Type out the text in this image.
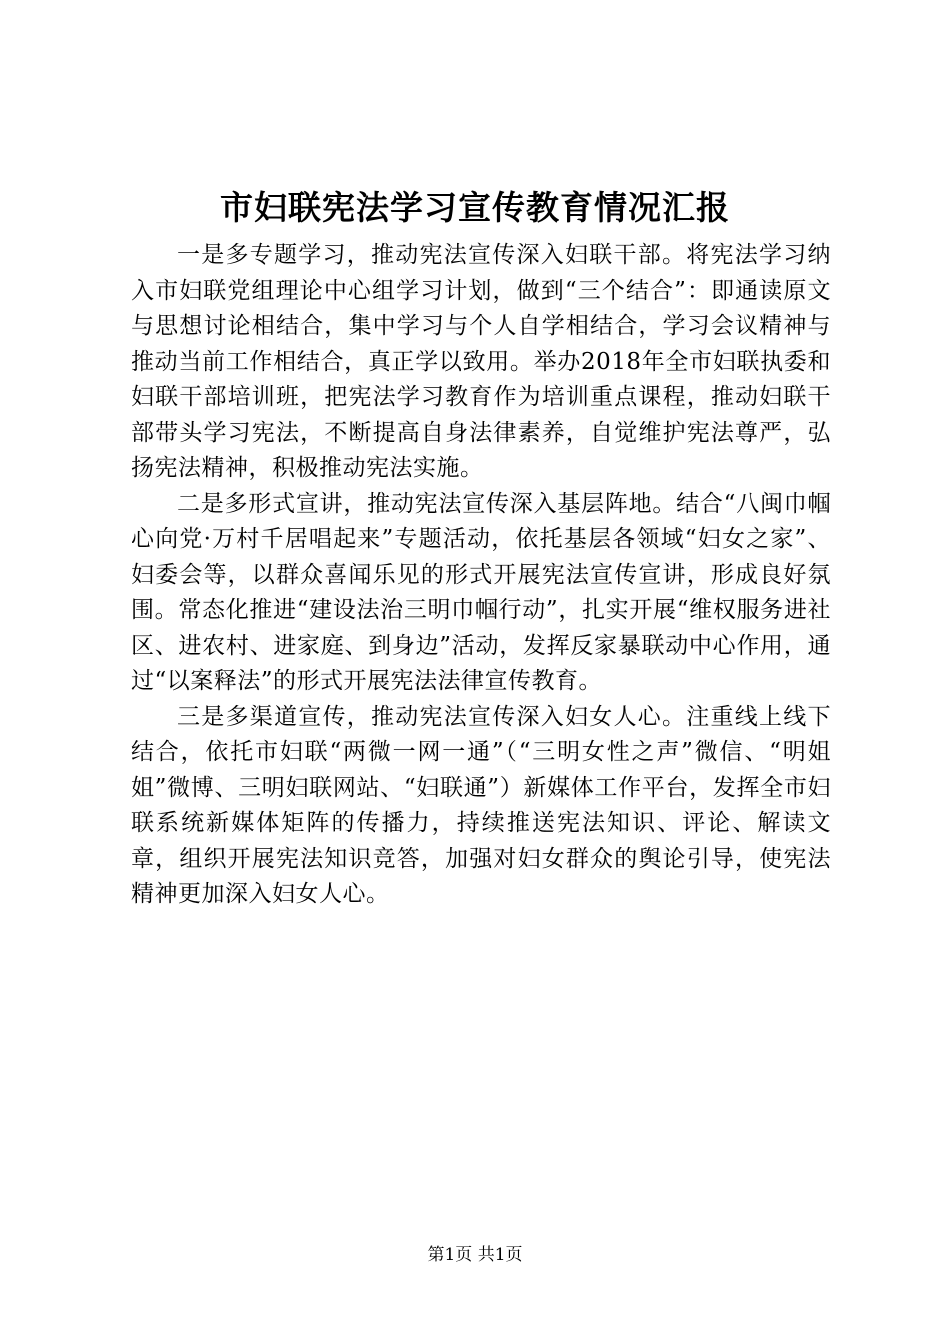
市妇联宪法学习宣传教育情况汇报

一是多专题学习，推动宪法宣传深入妇联干部。将宪法学习纳入市妇联党组理论中心组学习计划，做到“三个结合”：即通读原文与思想讨论相结合，集中学习与个人自学相结合，学习会议精神与推动当前工作相结合，真正学以致用。举办2018年全市妇联执委和妇联干部培训班，把宪法学习教育作为培训重点课程，推动妇联干部带头学习宪法，不断提高自身法律素养，自觉维护宪法尊严，弘扬宪法精神，积极推动宪法实施。

二是多形式宣讲，推动宪法宣传深入基层阵地。结合“八闽巾帼心向党·万村千居唱起来”专题活动，依托基层各领域“妇女之家”、妇委会等，以群众喜闻乐见的形式开展宪法宣传宣讲，形成良好氛围。常态化推进“建设法治三明巾帼行动”，扎实开展“维权服务进社区、进农村、进家庭、到身边”活动，发挥反家暴联动中心作用，通过“以案释法”的形式开展宪法法律宣传教育。

三是多渠道宣传，推动宪法宣传深入妇女人心。注重线上线下结合，依托市妇联“两微一网一通”（“三明女性之声”微信、“明姐姐”微博、三明妇联网站、“妇联通”）新媒体工作平台，发挥全市妇联系统新媒体矩阵的传播力，持续推送宪法知识、评论、解读文章，组织开展宪法知识竞答，加强对妇女群众的舆论引导，使宪法精神更加深入妇女人心。

第1页 共1页
